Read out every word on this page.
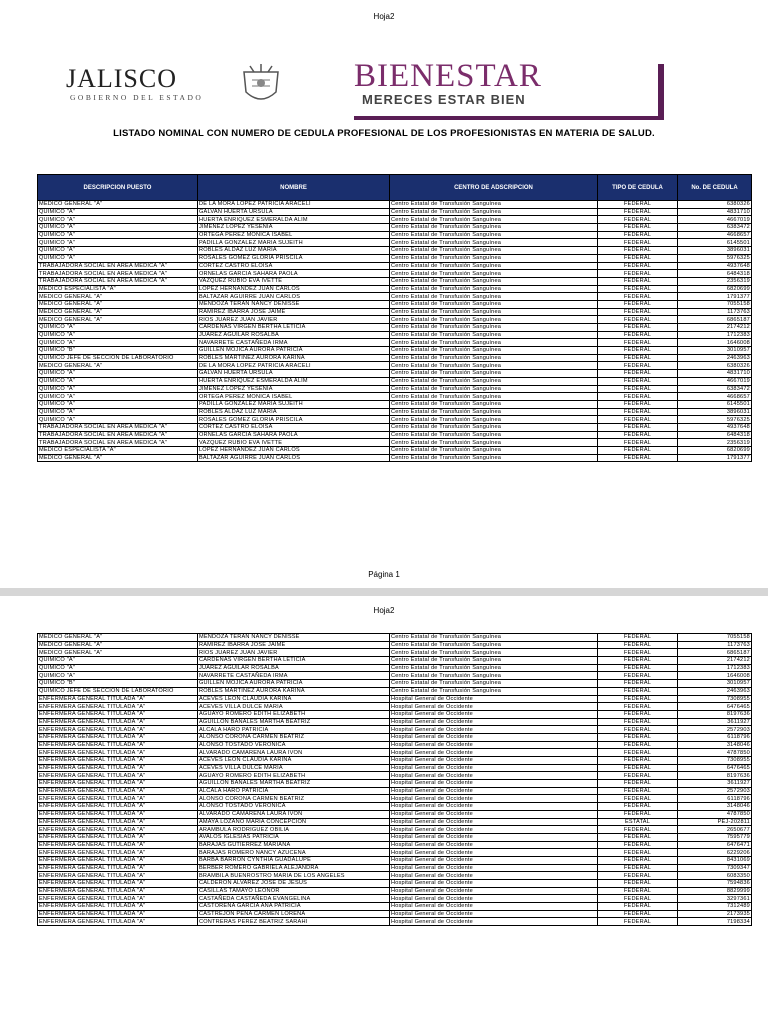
Hoja2
JALISCO
GOBIERNO DEL ESTADO
BIENESTAR
MERECES ESTAR BIEN
LISTADO NOMINAL CON NUMERO DE CEDULA PROFESIONAL DE LOS PROFESIONISTAS EN MATERIA DE SALUD.
DESCRIPCION PUESTO	NOMBRE	CENTRO DE ADSCRIPCION	TIPO DE CEDULA	No. DE CEDULA
MEDICO GENERAL "A"	DE LA MORA LOPEZ PATRICIA ARACELI	Centro Estatal de Transfusión Sanguínea	FEDERAL	6380326
QUIMICO "A"	GALVAN HUERTA URSULA	Centro Estatal de Transfusión Sanguínea	FEDERAL	4831710
QUIMICO "A"	HUERTA ENRIQUEZ ESMERALDA ALIM	Centro Estatal de Transfusión Sanguínea	FEDERAL	4667019
QUIMICO "A"	JIMENEZ LOPEZ YESENIA	Centro Estatal de Transfusión Sanguínea	FEDERAL	6383472
QUIMICO "A"	ORTEGA PEREZ MONICA ISABEL	Centro Estatal de Transfusión Sanguínea	FEDERAL	4668657
QUIMICO "A"	PADILLA GONZALEZ MARIA SUJEITH	Centro Estatal de Transfusión Sanguínea	FEDERAL	6145501
QUIMICO "A"	ROBLES ALDAZ LUZ MARIA	Centro Estatal de Transfusión Sanguínea	FEDERAL	3896031
QUIMICO "A"	ROSALES GOMEZ GLORIA PRISCILA	Centro Estatal de Transfusión Sanguínea	FEDERAL	5976325
TRABAJADORA SOCIAL EN AREA MEDICA "A"	CORTEZ CASTRO ELOISA	Centro Estatal de Transfusión Sanguínea	FEDERAL	4937648
TRABAJADORA SOCIAL EN AREA MEDICA "A"	ORNELAS GARCIA SAHARA PAOLA	Centro Estatal de Transfusión Sanguínea	FEDERAL	6484318
TRABAJADORA SOCIAL EN AREA MEDICA "A"	VAZQUEZ RUBIO EVA IVETTE	Centro Estatal de Transfusión Sanguínea	FEDERAL	2356319
MEDICO ESPECIALISTA "A"	LOPEZ HERNANDEZ JUAN CARLOS	Centro Estatal de Transfusión Sanguínea	FEDERAL	6820699
MEDICO GENERAL "A"	BALTAZAR AGUIRRE JUAN CARLOS	Centro Estatal de Transfusión Sanguínea	FEDERAL	1791377
MEDICO GENERAL "A"	MENDOZA TERAN NANCY DENISSE	Centro Estatal de Transfusión Sanguínea	FEDERAL	7055158
MEDICO GENERAL "A"	RAMIREZ IBARRA JOSE JAIME	Centro Estatal de Transfusión Sanguínea	FEDERAL	1173763
MEDICO GENERAL "A"	RIOS JUAREZ JUAN JAVIER	Centro Estatal de Transfusión Sanguínea	FEDERAL	6865187
QUIMICO "A"	CARDENAS VIRGEN BERTHA LETICIA	Centro Estatal de Transfusión Sanguínea	FEDERAL	2174212
QUIMICO "A"	JUAREZ AGUILAR ROSALBA	Centro Estatal de Transfusión Sanguínea	FEDERAL	1712383
QUIMICO "A"	NAVARRETE CASTAÑEDA IRMA	Centro Estatal de Transfusión Sanguínea	FEDERAL	1646008
QUIMICO "B"	GUILLEN MOJICA AURORA PATRICIA	Centro Estatal de Transfusión Sanguínea	FEDERAL	3010957
QUIMICO JEFE DE SECCION DE LABORATORIO	ROBLES MARTINEZ AURORA KARINA	Centro Estatal de Transfusión Sanguínea	FEDERAL	2463963
MEDICO GENERAL "A"	DE LA MORA LOPEZ PATRICIA ARACELI	Centro Estatal de Transfusión Sanguínea	FEDERAL	6380326
QUIMICO "A"	GALVAN HUERTA URSULA	Centro Estatal de Transfusión Sanguínea	FEDERAL	4831710
QUIMICO "A"	HUERTA ENRIQUEZ ESMERALDA ALIM	Centro Estatal de Transfusión Sanguínea	FEDERAL	4667019
QUIMICO "A"	JIMENEZ LOPEZ YESENIA	Centro Estatal de Transfusión Sanguínea	FEDERAL	6383472
QUIMICO "A"	ORTEGA PEREZ MONICA ISABEL	Centro Estatal de Transfusión Sanguínea	FEDERAL	4668657
QUIMICO "A"	PADILLA GONZALEZ MARIA SUJEITH	Centro Estatal de Transfusión Sanguínea	FEDERAL	6145501
QUIMICO "A"	ROBLES ALDAZ LUZ MARIA	Centro Estatal de Transfusión Sanguínea	FEDERAL	3896031
QUIMICO "A"	ROSALES GOMEZ GLORIA PRISCILA	Centro Estatal de Transfusión Sanguínea	FEDERAL	5976325
TRABAJADORA SOCIAL EN AREA MEDICA "A"	CORTEZ CASTRO ELOISA	Centro Estatal de Transfusión Sanguínea	FEDERAL	4937648
TRABAJADORA SOCIAL EN AREA MEDICA "A"	ORNELAS GARCIA SAHARA PAOLA	Centro Estatal de Transfusión Sanguínea	FEDERAL	6484318
TRABAJADORA SOCIAL EN AREA MEDICA "A"	VAZQUEZ RUBIO EVA IVETTE	Centro Estatal de Transfusión Sanguínea	FEDERAL	2356319
MEDICO ESPECIALISTA "A"	LOPEZ HERNANDEZ JUAN CARLOS	Centro Estatal de Transfusión Sanguínea	FEDERAL	6820699
MEDICO GENERAL "A"	BALTAZAR AGUIRRE JUAN CARLOS	Centro Estatal de Transfusión Sanguínea	FEDERAL	1791377
Página 1
Hoja2
MEDICO GENERAL "A"	MENDOZA TERAN NANCY DENISSE	Centro Estatal de Transfusión Sanguínea	FEDERAL	7055158
MEDICO GENERAL "A"	RAMIREZ IBARRA JOSE JAIME	Centro Estatal de Transfusión Sanguínea	FEDERAL	1173763
MEDICO GENERAL "A"	RIOS JUAREZ JUAN JAVIER	Centro Estatal de Transfusión Sanguínea	FEDERAL	6865187
QUIMICO "A"	CARDENAS VIRGEN BERTHA LETICIA	Centro Estatal de Transfusión Sanguínea	FEDERAL	2174212
QUIMICO "A"	JUAREZ AGUILAR ROSALBA	Centro Estatal de Transfusión Sanguínea	FEDERAL	1712383
QUIMICO "A"	NAVARRETE CASTAÑEDA IRMA	Centro Estatal de Transfusión Sanguínea	FEDERAL	1646008
QUIMICO "B"	GUILLEN MOJICA AURORA PATRICIA	Centro Estatal de Transfusión Sanguínea	FEDERAL	3010957
QUIMICO JEFE DE SECCION DE LABORATORIO	ROBLES MARTINEZ AURORA KARINA	Centro Estatal de Transfusión Sanguínea	FEDERAL	2463963
ENFERMERA GENERAL TITULADA "A"	ACEVES LEON CLAUDIA KARINA	Hospital General de Occidente	FEDERAL	7308955
ENFERMERA GENERAL TITULADA "A"	ACEVES VILLA DULCE MARIA	Hospital General de Occidente	FEDERAL	6476465
ENFERMERA GENERAL TITULADA "A"	AGUAYO ROMERO EDITH ELIZABETH	Hospital General de Occidente	FEDERAL	8197636
ENFERMERA GENERAL TITULADA "A"	AGUILLON BAÑALES MARTHA BEATRIZ	Hospital General de Occidente	FEDERAL	3611927
ENFERMERA GENERAL TITULADA "A"	ALCALA HARO PATRICIA	Hospital General de Occidente	FEDERAL	2572903
ENFERMERA GENERAL TITULADA "A"	ALONSO CORONA CARMEN BEATRIZ	Hospital General de Occidente	FEDERAL	6118796
ENFERMERA GENERAL TITULADA "A"	ALONSO TOSTADO VERONICA	Hospital General de Occidente	FEDERAL	3148046
ENFERMERA GENERAL TITULADA "A"	ALVARADO CAMARENA LAURA IVON	Hospital General de Occidente	FEDERAL	4787850
ENFERMERA GENERAL TITULADA "A"	ACEVES LEON CLAUDIA KARINA	Hospital General de Occidente	FEDERAL	7308955
ENFERMERA GENERAL TITULADA "A"	ACEVES VILLA DULCE MARIA	Hospital General de Occidente	FEDERAL	6476465
ENFERMERA GENERAL TITULADA "A"	AGUAYO ROMERO EDITH ELIZABETH	Hospital General de Occidente	FEDERAL	8197636
ENFERMERA GENERAL TITULADA "A"	AGUILLON BAÑALES MARTHA BEATRIZ	Hospital General de Occidente	FEDERAL	3611927
ENFERMERA GENERAL TITULADA "A"	ALCALA HARO PATRICIA	Hospital General de Occidente	FEDERAL	2572903
ENFERMERA GENERAL TITULADA "A"	ALONSO CORONA CARMEN BEATRIZ	Hospital General de Occidente	FEDERAL	6118796
ENFERMERA GENERAL TITULADA "A"	ALONSO TOSTADO VERONICA	Hospital General de Occidente	FEDERAL	3148046
ENFERMERA GENERAL TITULADA "A"	ALVARADO CAMARENA LAURA IVON	Hospital General de Occidente	FEDERAL	4787850
ENFERMERA GENERAL TITULADA "A"	AMAYA LOZANO MARIA CONCEPCION	Hospital General de Occidente	ESTATAL	PEJ-202811
ENFERMERA GENERAL TITULADA "A"	ARAMBULA RODRIGUEZ OBILIA	Hospital General de Occidente	FEDERAL	2650677
ENFERMERA GENERAL TITULADA "A"	AVALOS IGLESIAS PATRICIA	Hospital General de Occidente	FEDERAL	7595779
ENFERMERA GENERAL TITULADA "A"	BARAJAS GUTIERREZ MARIANA	Hospital General de Occidente	FEDERAL	6476471
ENFERMERA GENERAL TITULADA "A"	BARAJAS ROMERO NANCY AZUCENA	Hospital General de Occidente	FEDERAL	6229206
ENFERMERA GENERAL TITULADA "A"	BARBA BARRON CYNTHIA GUADALUPE	Hospital General de Occidente	FEDERAL	8431069
ENFERMERA GENERAL TITULADA "A"	BERBER ROMERO GABRIELA ALEJANDRA	Hospital General de Occidente	FEDERAL	7309347
ENFERMERA GENERAL TITULADA "A"	BRAMBILA BUENROSTRO MARIA DE LOS ANGELES	Hospital General de Occidente	FEDERAL	6083350
ENFERMERA GENERAL TITULADA "A"	CALDERON ALVAREZ JOSE DE JESUS	Hospital General de Occidente	FEDERAL	7594836
ENFERMERA GENERAL TITULADA "A"	CASILLAS TAMAYO LEONOR	Hospital General de Occidente	FEDERAL	8829999
ENFERMERA GENERAL TITULADA "A"	CASTAÑEDA CASTAÑEDA EVANGELINA	Hospital General de Occidente	FEDERAL	3297361
ENFERMERA GENERAL TITULADA "A"	CASTORENA GARCIA ANA PATRICIA	Hospital General de Occidente	FEDERAL	7312489
ENFERMERA GENERAL TITULADA "A"	CASTREJON PEÑA CARMEN LORENA	Hospital General de Occidente	FEDERAL	2173935
ENFERMERA GENERAL TITULADA "A"	CONTRERAS PEREZ BEATRIZ SARAHI	Hospital General de Occidente	FEDERAL	7198334
